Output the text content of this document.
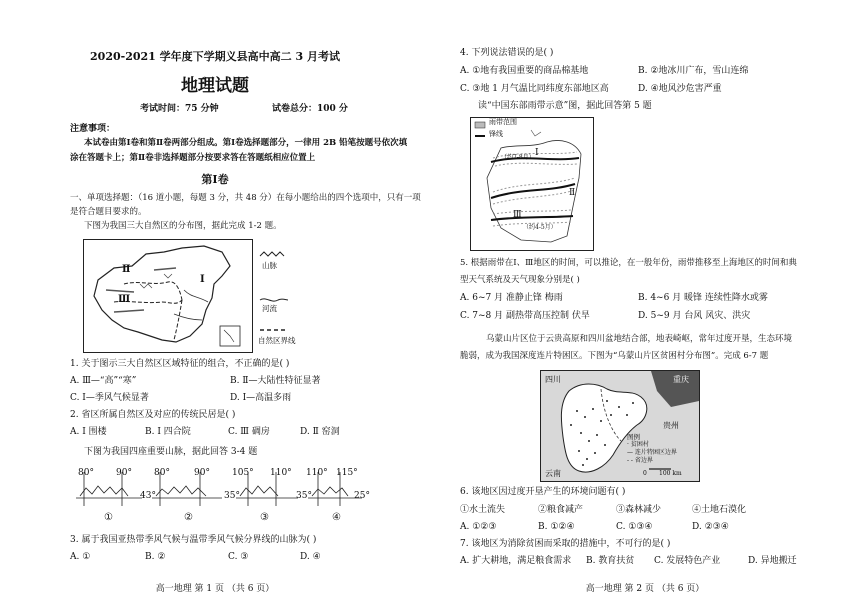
2020-2021 学年度下学期义县高中高二 3 月考试
地理试题
考试时间：75 分钟	试卷总分：100 分
注意事项：
本试卷由第Ⅰ卷和第Ⅱ卷两部分组成。第Ⅰ卷选择题部分，一律用 2B 铅笔按题号依次填
涂在答题卡上；第Ⅱ卷非选择题部分按要求答在答题纸相应位置上
第Ⅰ卷
一、单项选择题：（16 道小题，每题 3 分，共 48 分）在每小题给出的四个选项中，只有一项
是符合题目要求的。
下图为我国三大自然区的分布图，据此完成 1-2 题。
Ⅱ
Ⅰ
Ⅲ
山脉
河流
自然区界线
1. 关于图示三大自然区区域特征的组合，不正确的是( )
A. Ⅲ—“高”“寒”	B. Ⅱ—大陆性特征显著
C. Ⅰ—季风气候显著	D. Ⅰ—高温多雨
2. 省区所属自然区及对应的传统民居是( )
A. Ⅰ 围楼	B. Ⅰ 四合院	C. Ⅲ 碉房	D. Ⅱ 窑洞
下图为我国四座重要山脉，据此回答 3-4 题
80° 90°
43°
①
80°	90°
35°
②
105° 110°
35°
③
110° 115°
25°
④
3. 属于我国亚热带季风气候与温带季风气候分界线的山脉为( )
A. ①	B. ②	C. ③	D. ④
高一地理 第 1 页 （共 6 页）
4. 下列说法错误的是( )
A. ①地有我国重要的商品棉基地	B. ②地冰川广布，雪山连绵
C. ③地 1 月气温比同纬度东部地区高	D. ④地风沙危害严重
读“中国东部雨带示意”图，据此回答第 5 题
雨带范围
锋线
Ⅰ
（约7-8月）
Ⅱ
Ⅲ
（约4-5月）
5. 根据雨带在Ⅰ、Ⅲ地区的时间，可以推论，在一般年份，雨带推移至上海地区的时间和典
型天气系统及天气现象分别是( )
A. 6~7 月 准静止锋 梅雨	B. 4~6 月 暖锋 连续性降水或雾
C. 7~8 月 副热带高压控制 伏旱	D. 5~9 月 台风 风灾、洪灾
乌蒙山片区位于云贵高原和四川盆地结合部，地表崎岖，常年过度开垦，生态环境
脆弱，成为我国深度连片特困区。下图为“乌蒙山片区贫困村分布图”。完成 6-7 题
四川	重庆
贵州
云南
图例
· 贫困村
— 连片特困区边界
- - 省边界
0 100 km
6. 该地区因过度开垦产生的环境问题有( )
①水土流失	②粮食减产	③森林减少	④土地石漠化
A. ①②③	B. ①②④	C. ①③④	D. ②③④
7. 该地区为消除贫困而采取的措施中，不可行的是( )
A. 扩大耕地，满足粮食需求 B. 教育扶贫 C. 发展特色产业	D. 异地搬迁
高一地理 第 2 页 （共 6 页）
